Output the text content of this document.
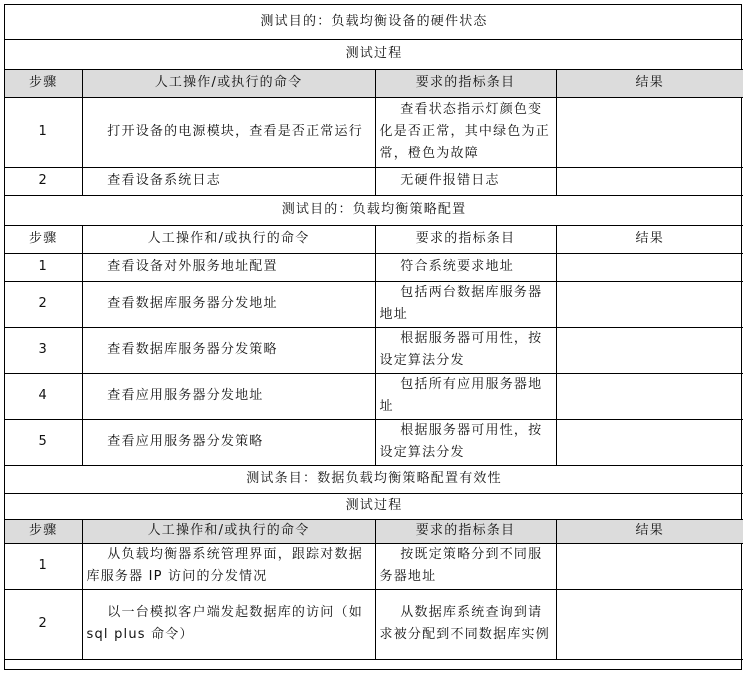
测试目的：负载均衡设备的硬件状态			
测试过程			
步骤	人工操作/或执行的命令	要求的指标条目	结果
1	打开设备的电源模块，查看是否正常运行	查看状态指示灯颜色变化是否正常，其中绿色为正常，橙色为故障	
2	查看设备系统日志	无硬件报错日志	
测试目的：负载均衡策略配置			
步骤	人工操作和/或执行的命令	要求的指标条目	结果
1	查看设备对外服务地址配置	符合系统要求地址	
2	查看数据库服务器分发地址	包括两台数据库服务器地址	
3	查看数据库服务器分发策略	根据服务器可用性，按设定算法分发	
4	查看应用服务器分发地址	包括所有应用服务器地址	
5	查看应用服务器分发策略	根据服务器可用性，按设定算法分发	
测试条目：数据负载均衡策略配置有效性			
测试过程			
步骤	人工操作和/或执行的命令	要求的指标条目	结果
1	从负载均衡器系统管理界面，跟踪对数据库服务器 IP 访问的分发情况	按既定策略分到不同服务器地址	
2	以一台模拟客户端发起数据库的访问（如 sql plus 命令）	从数据库系统查询到请求被分配到不同数据库实例	
